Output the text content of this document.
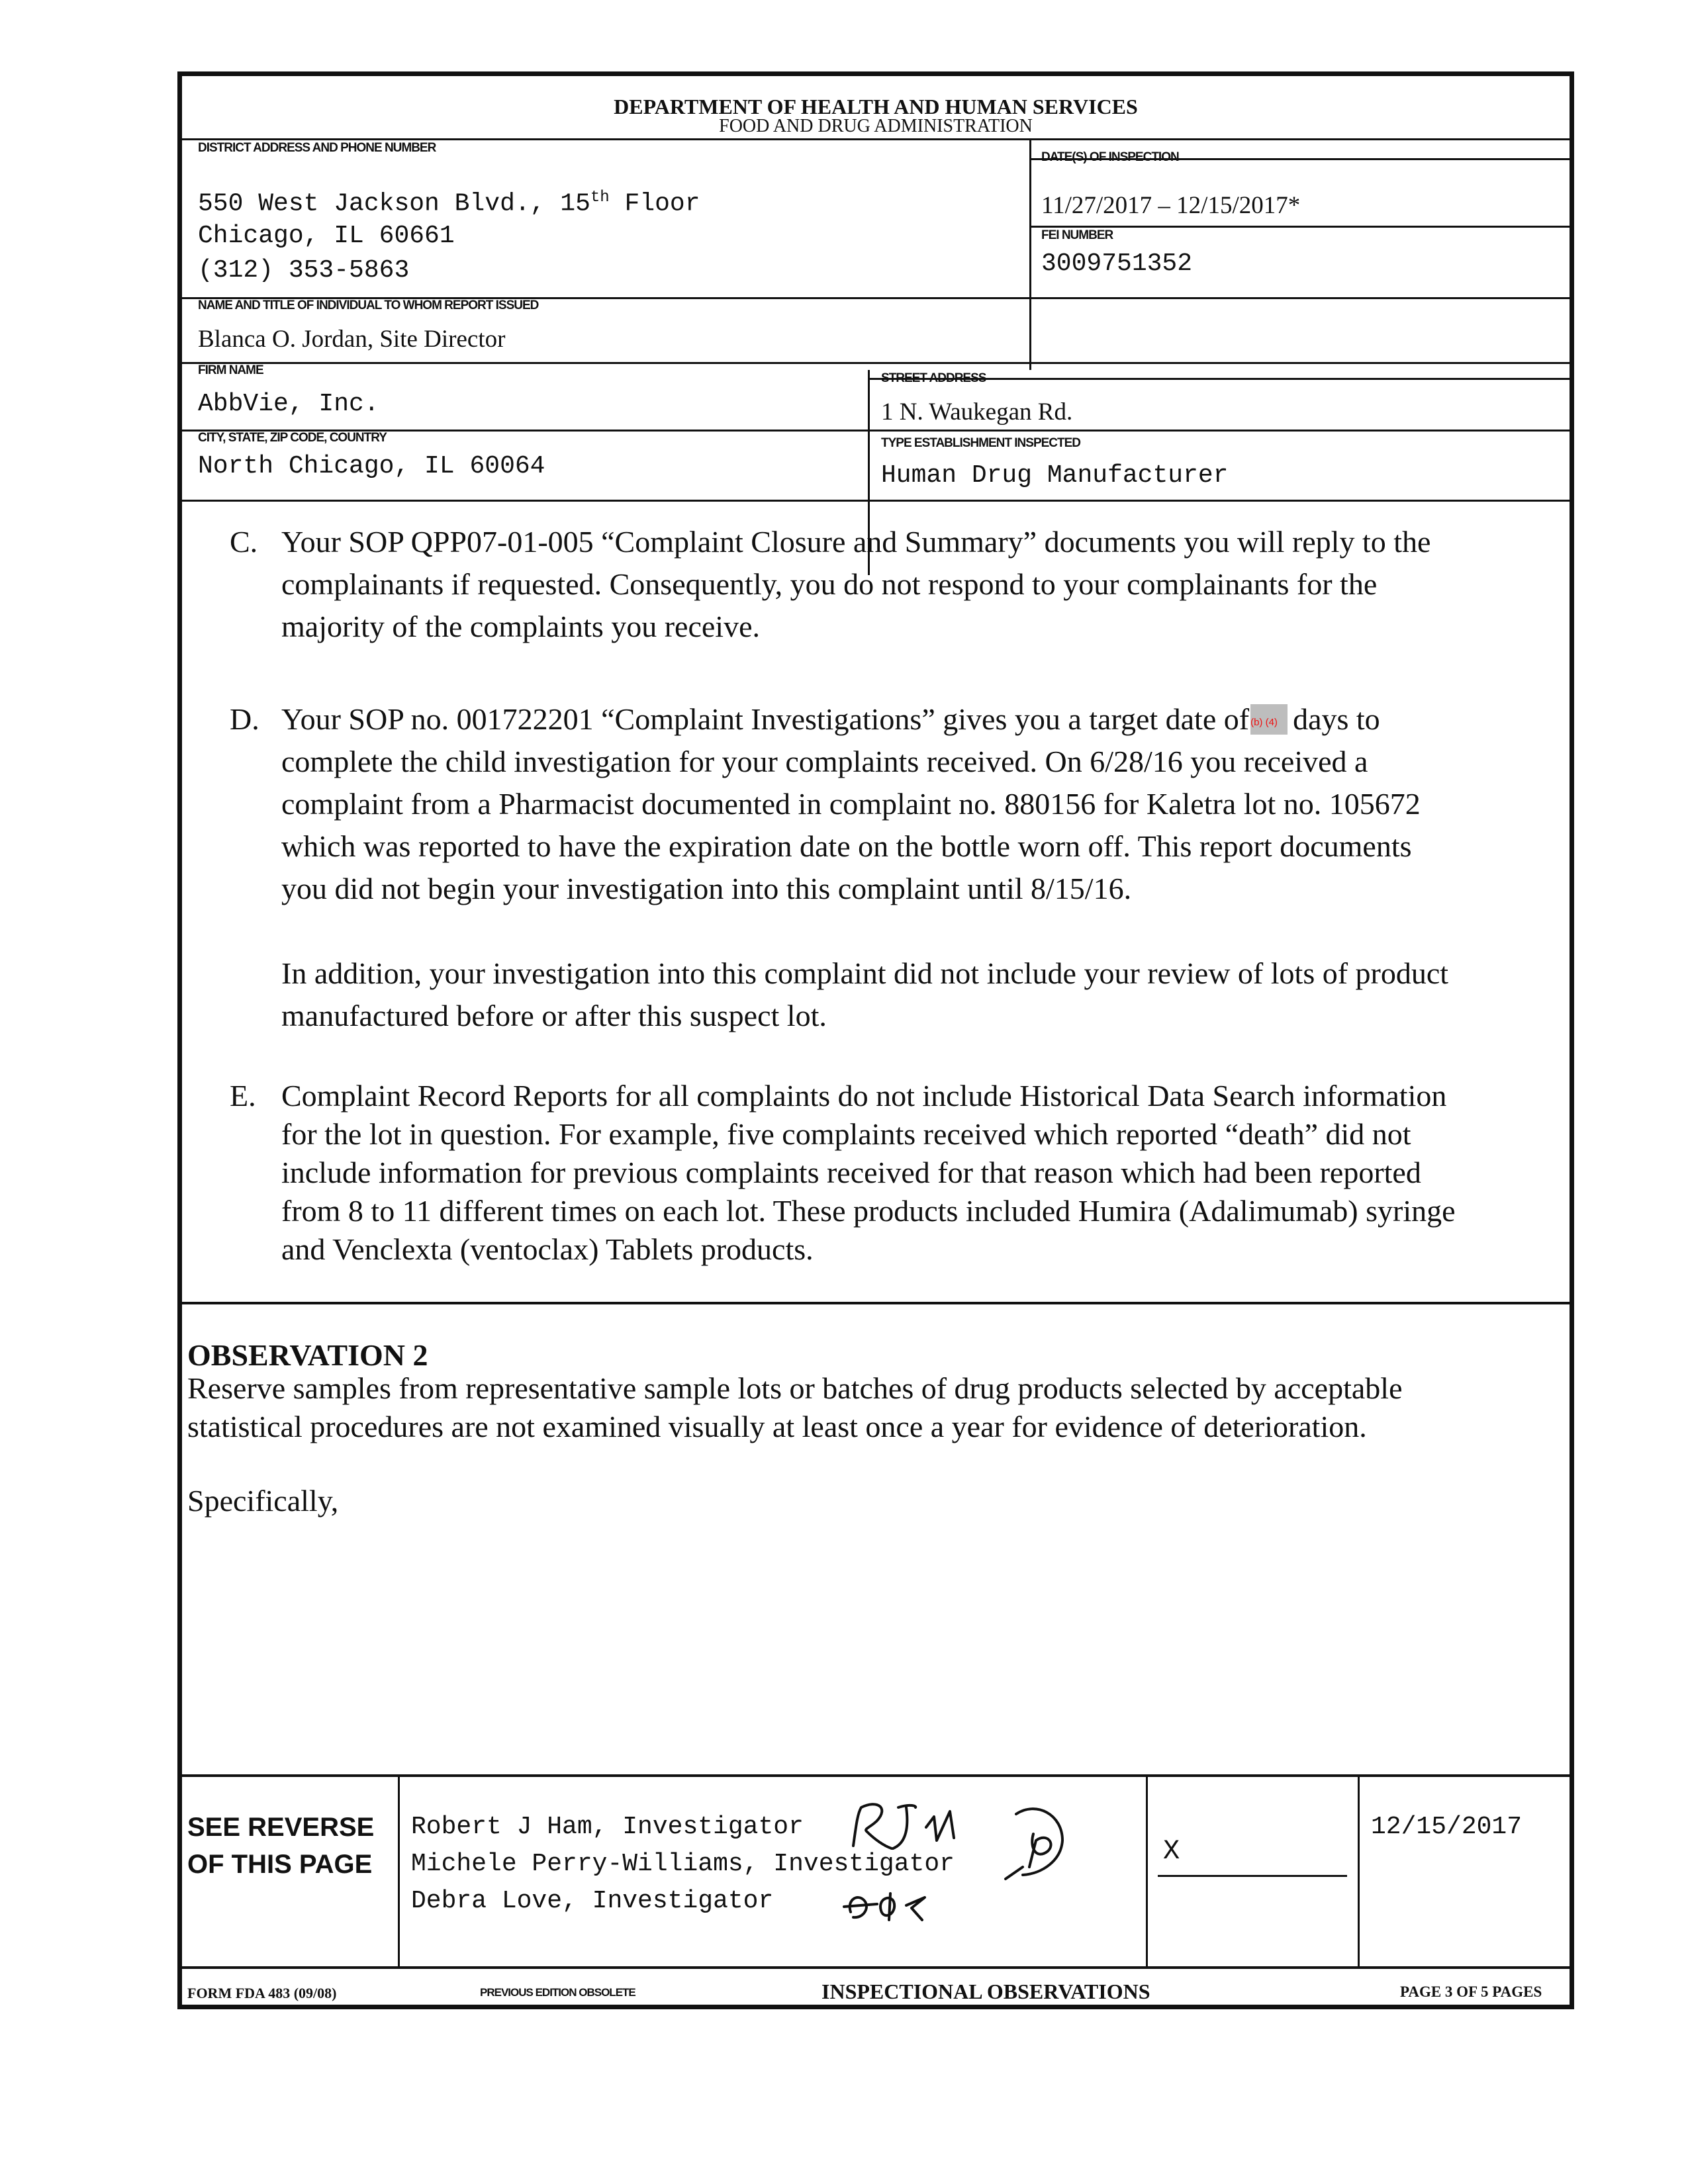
DEPARTMENT OF HEALTH AND HUMAN SERVICES
FOOD AND DRUG ADMINISTRATION
DISTRICT ADDRESS AND PHONE NUMBER
550 West Jackson Blvd., 15th Floor
Chicago, IL 60661
(312) 353-5863
DATE(S) OF INSPECTION
11/27/2017 – 12/15/2017*
FEI NUMBER
3009751352
NAME AND TITLE OF INDIVIDUAL TO WHOM REPORT ISSUED
Blanca O. Jordan, Site Director
FIRM NAME
AbbVie, Inc.
STREET ADDRESS
1 N. Waukegan Rd.
CITY, STATE, ZIP CODE, COUNTRY
North Chicago, IL 60064
TYPE ESTABLISHMENT INSPECTED
Human Drug Manufacturer
C. Your SOP QPP07-01-005 “Complaint Closure and Summary” documents you will reply to the
complainants if requested. Consequently, you do not respond to your complainants for the
majority of the complaints you receive.
D. Your SOP no. 001722201 “Complaint Investigations” gives you a target date of (b) (4) days to
complete the child investigation for your complaints received. On 6/28/16 you received a
complaint from a Pharmacist documented in complaint no. 880156 for Kaletra lot no. 105672
which was reported to have the expiration date on the bottle worn off. This report documents
you did not begin your investigation into this complaint until 8/15/16.
In addition, your investigation into this complaint did not include your review of lots of product
manufactured before or after this suspect lot.
E. Complaint Record Reports for all complaints do not include Historical Data Search information
for the lot in question. For example, five complaints received which reported “death” did not
include information for previous complaints received for that reason which had been reported
from 8 to 11 different times on each lot. These products included Humira (Adalimumab) syringe
and Venclexta (ventoclax) Tablets products.
OBSERVATION 2
Reserve samples from representative sample lots or batches of drug products selected by acceptable
statistical procedures are not examined visually at least once a year for evidence of deterioration.
Specifically,
SEE REVERSE
OF THIS PAGE
Robert J Ham, Investigator
Michele Perry-Williams, Investigator
Debra Love, Investigator
X
12/15/2017
FORM FDA 483 (09/08)	PREVIOUS EDITION OBSOLETE	INSPECTIONAL OBSERVATIONS	PAGE 3 OF 5 PAGES
